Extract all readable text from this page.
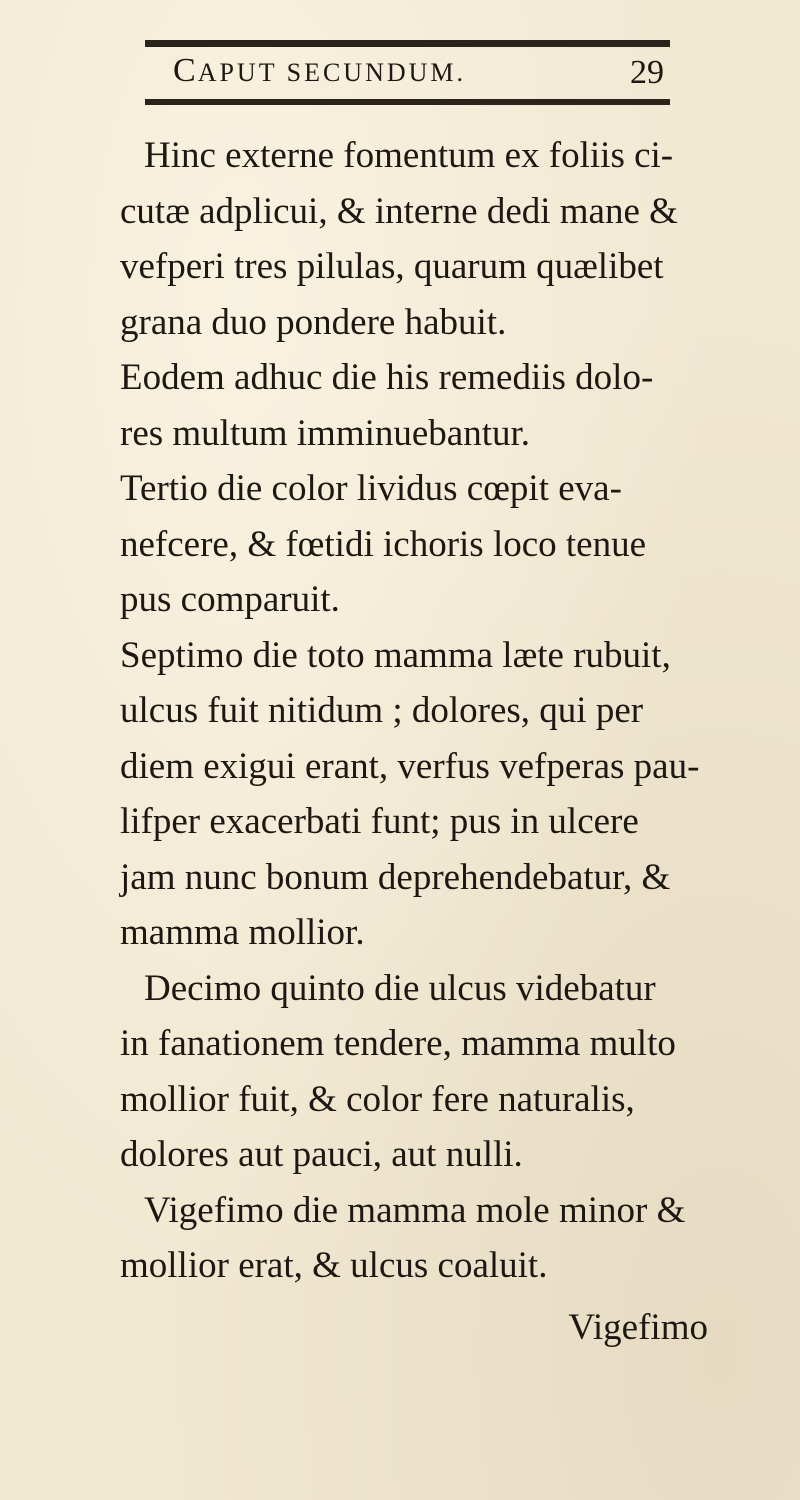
CAPUT SECUNDUM.	29
Hinc externe fomentum ex foliis ci-
cutæ adplicui, & interne dedi mane &
vefperi tres pilulas, quarum quælibet
grana duo pondere habuit.
Eodem adhuc die his remediis dolo-
res multum imminuebantur.
Tertio die color lividus cœpit eva-
nefcere, & fœtidi ichoris loco tenue
pus comparuit.
Septimo die toto mamma læte rubuit,
ulcus fuit nitidum ; dolores, qui per
diem exigui erant, verfus vefperas pau-
lifper exacerbati funt; pus in ulcere
jam nunc bonum deprehendebatur, &
mamma mollior.
Decimo quinto die ulcus videbatur
in fanationem tendere, mamma multo
mollior fuit, & color fere naturalis,
dolores aut pauci, aut nulli.
Vigefimo die mamma mole minor &
mollior erat, & ulcus coaluit.
Vigefimo
